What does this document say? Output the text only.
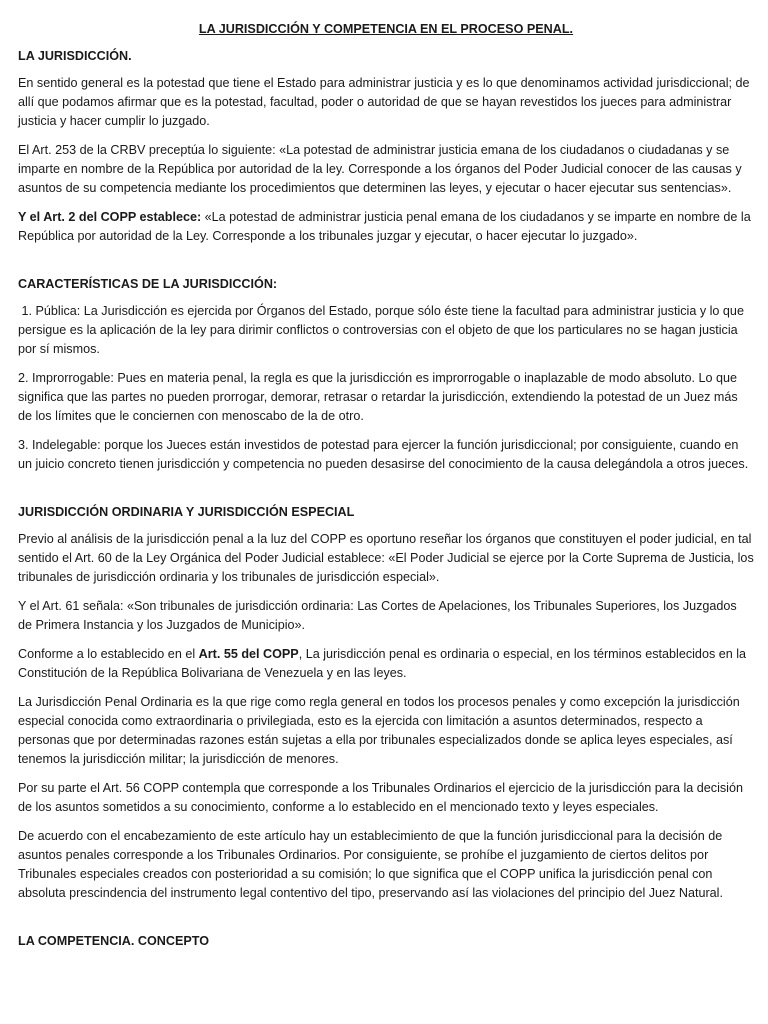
LA JURISDICCIÓN Y COMPETENCIA EN EL PROCESO PENAL.
LA JURISDICCIÓN.

En sentido general es la potestad que tiene el Estado para administrar justicia y es lo que denominamos actividad jurisdiccional; de allí que podamos afirmar que es la potestad, facultad, poder o autoridad de que se hayan revestidos los jueces para administrar justicia y hacer cumplir lo juzgado.

El Art. 253 de la CRBV preceptúa lo siguiente: «La potestad de administrar justicia emana de los ciudadanos o ciudadanas y se imparte en nombre de la República por autoridad de la ley. Corresponde a los órganos del Poder Judicial conocer de las causas y asuntos de su competencia mediante los procedimientos que determinen las leyes, y ejecutar o hacer ejecutar sus sentencias».

Y el Art. 2 del COPP establece: «La potestad de administrar justicia penal emana de los ciudadanos y se imparte en nombre de la República por autoridad de la Ley. Corresponde a los tribunales juzgar y ejecutar, o hacer ejecutar lo juzgado».

CARACTERÍSTICAS DE LA JURISDICCIÓN:

1. Pública: La Jurisdicción es ejercida por Órganos del Estado, porque sólo éste tiene la facultad para administrar justicia y lo que persigue es la aplicación de la ley para dirimir conflictos o controversias con el objeto de que los particulares no se hagan justicia por sí mismos.

2. Improrrogable: Pues en materia penal, la regla es que la jurisdicción es improrrogable o inaplazable de modo absoluto. Lo que significa que las partes no pueden prorrogar, demorar, retrasar o retardar la jurisdicción, extendiendo la potestad de un Juez más de los límites que le conciernen con menoscabo de la de otro.

3. Indelegable: porque los Jueces están investidos de potestad para ejercer la función jurisdiccional; por consiguiente, cuando en un juicio concreto tienen jurisdicción y competencia no pueden desasirse del conocimiento de la causa delegándola a otros jueces.

JURISDICCIÓN ORDINARIA Y JURISDICCIÓN ESPECIAL

Previo al análisis de la jurisdicción penal a la luz del COPP es oportuno reseñar los órganos que constituyen el poder judicial, en tal sentido el Art. 60 de la Ley Orgánica del Poder Judicial establece: «El Poder Judicial se ejerce por la Corte Suprema de Justicia, los tribunales de jurisdicción ordinaria y los tribunales de jurisdicción especial».

Y el Art. 61 señala: «Son tribunales de jurisdicción ordinaria: Las Cortes de Apelaciones, los Tribunales Superiores, los Juzgados de Primera Instancia y los Juzgados de Municipio».

Conforme a lo establecido en el Art. 55 del COPP, La jurisdicción penal es ordinaria o especial, en los términos establecidos en la Constitución de la República Bolivariana de Venezuela y en las leyes.

La Jurisdicción Penal Ordinaria es la que rige como regla general en todos los procesos penales y como excepción la jurisdicción especial conocida como extraordinaria o privilegiada, esto es la ejercida con limitación a asuntos determinados, respecto a personas que por determinadas razones están sujetas a ella por tribunales especializados donde se aplica leyes especiales, así tenemos la jurisdicción militar; la jurisdicción de menores.

Por su parte el Art. 56 COPP contempla que corresponde a los Tribunales Ordinarios el ejercicio de la jurisdicción para la decisión de los asuntos sometidos a su conocimiento, conforme a lo establecido en el mencionado texto y leyes especiales.

De acuerdo con el encabezamiento de este artículo hay un establecimiento de que la función jurisdiccional para la decisión de asuntos penales corresponde a los Tribunales Ordinarios. Por consiguiente, se prohíbe el juzgamiento de ciertos delitos por Tribunales especiales creados con posterioridad a su comisión; lo que significa que el COPP unifica la jurisdicción penal con absoluta prescindencia del instrumento legal contentivo del tipo, preservando así las violaciones del principio del Juez Natural.

LA COMPETENCIA. CONCEPTO
